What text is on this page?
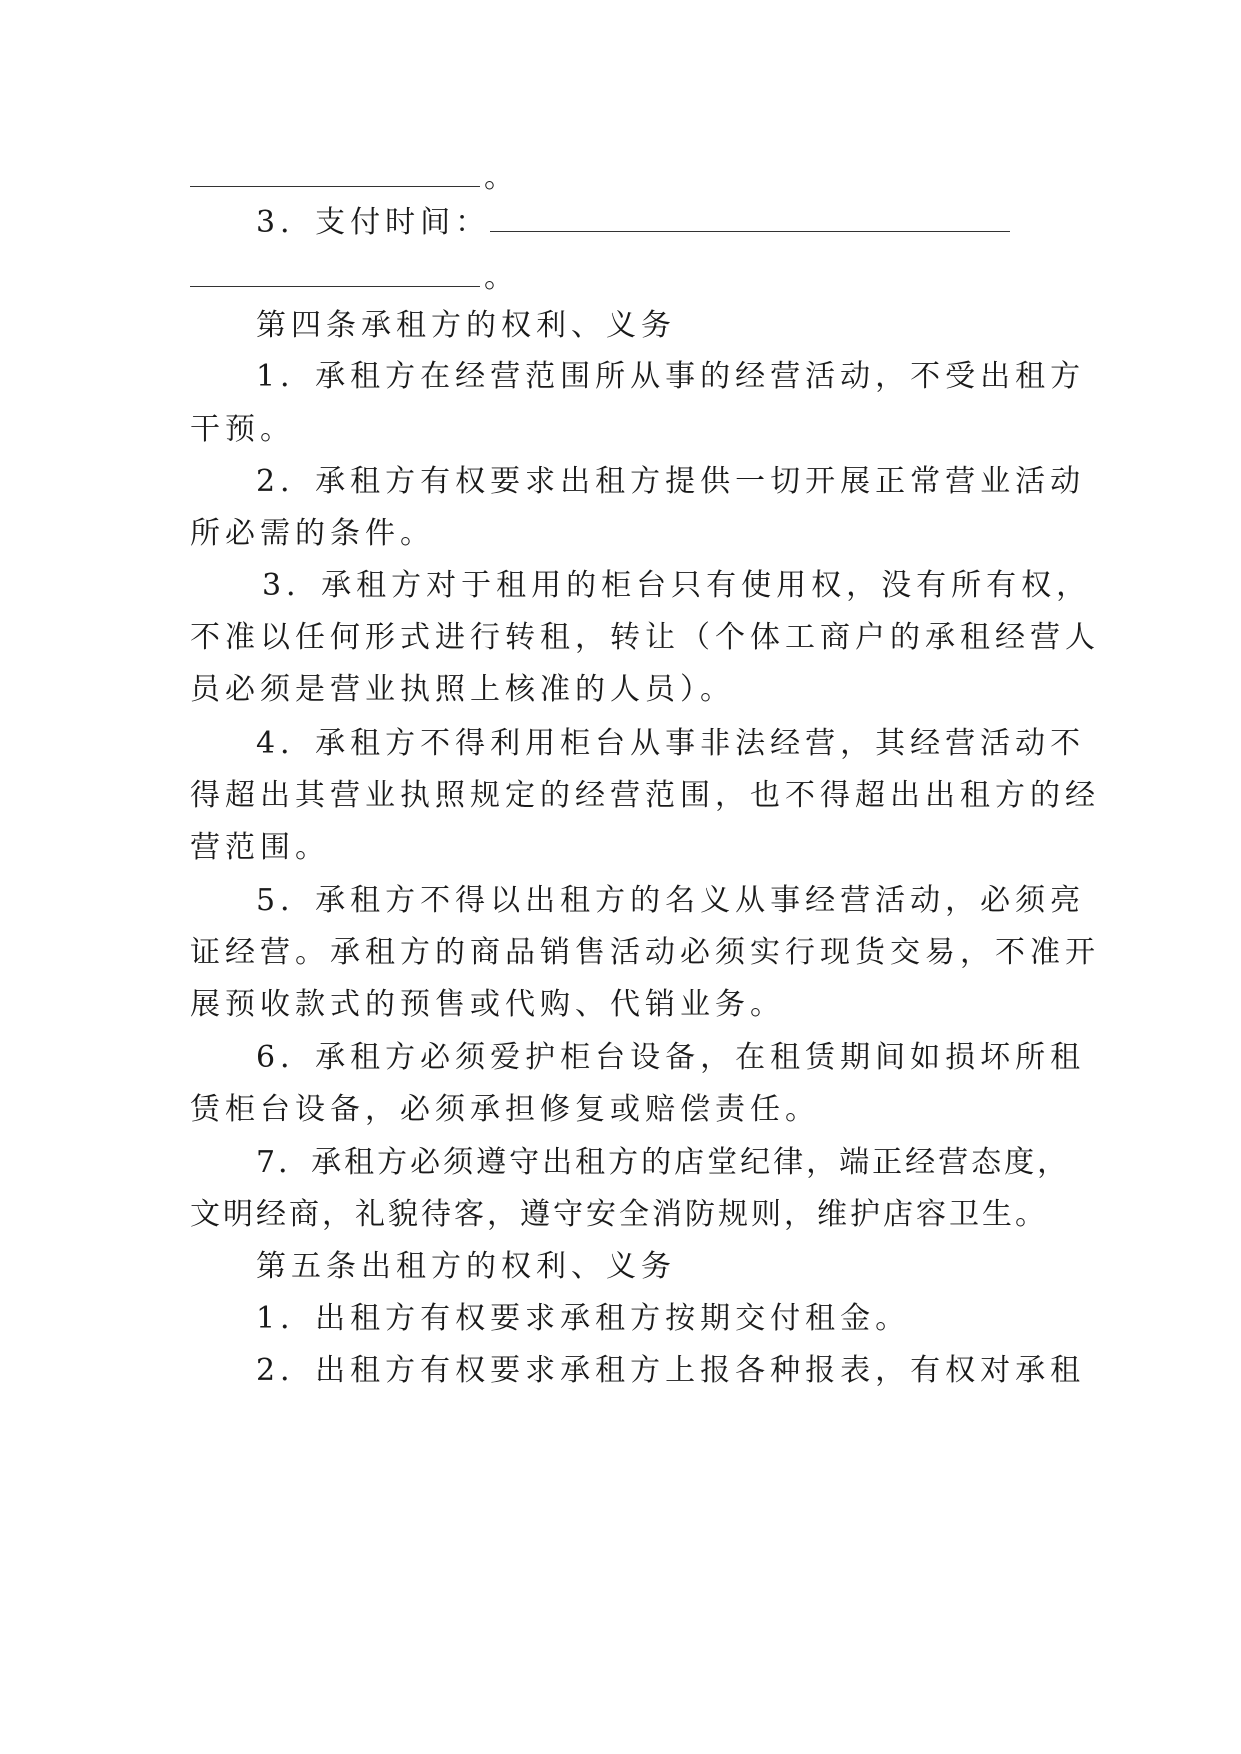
。
3．支付时间：
。
第四条承租方的权利、义务
1．承租方在经营范围所从事的经营活动，不受出租方
干预。
2．承租方有权要求出租方提供一切开展正常营业活动
所必需的条件。
3．承租方对于租用的柜台只有使用权，没有所有权，
不准以任何形式进行转租，转让（个体工商户的承租经营人
员必须是营业执照上核准的人员）。
4．承租方不得利用柜台从事非法经营，其经营活动不
得超出其营业执照规定的经营范围，也不得超出出租方的经
营范围。
5．承租方不得以出租方的名义从事经营活动，必须亮
证经营。承租方的商品销售活动必须实行现货交易，不准开
展预收款式的预售或代购、代销业务。
6．承租方必须爱护柜台设备，在租赁期间如损坏所租
赁柜台设备，必须承担修复或赔偿责任。
7．承租方必须遵守出租方的店堂纪律，端正经营态度，
文明经商，礼貌待客，遵守安全消防规则，维护店容卫生。
第五条出租方的权利、义务
1．出租方有权要求承租方按期交付租金。
2．出租方有权要求承租方上报各种报表，有权对承租
